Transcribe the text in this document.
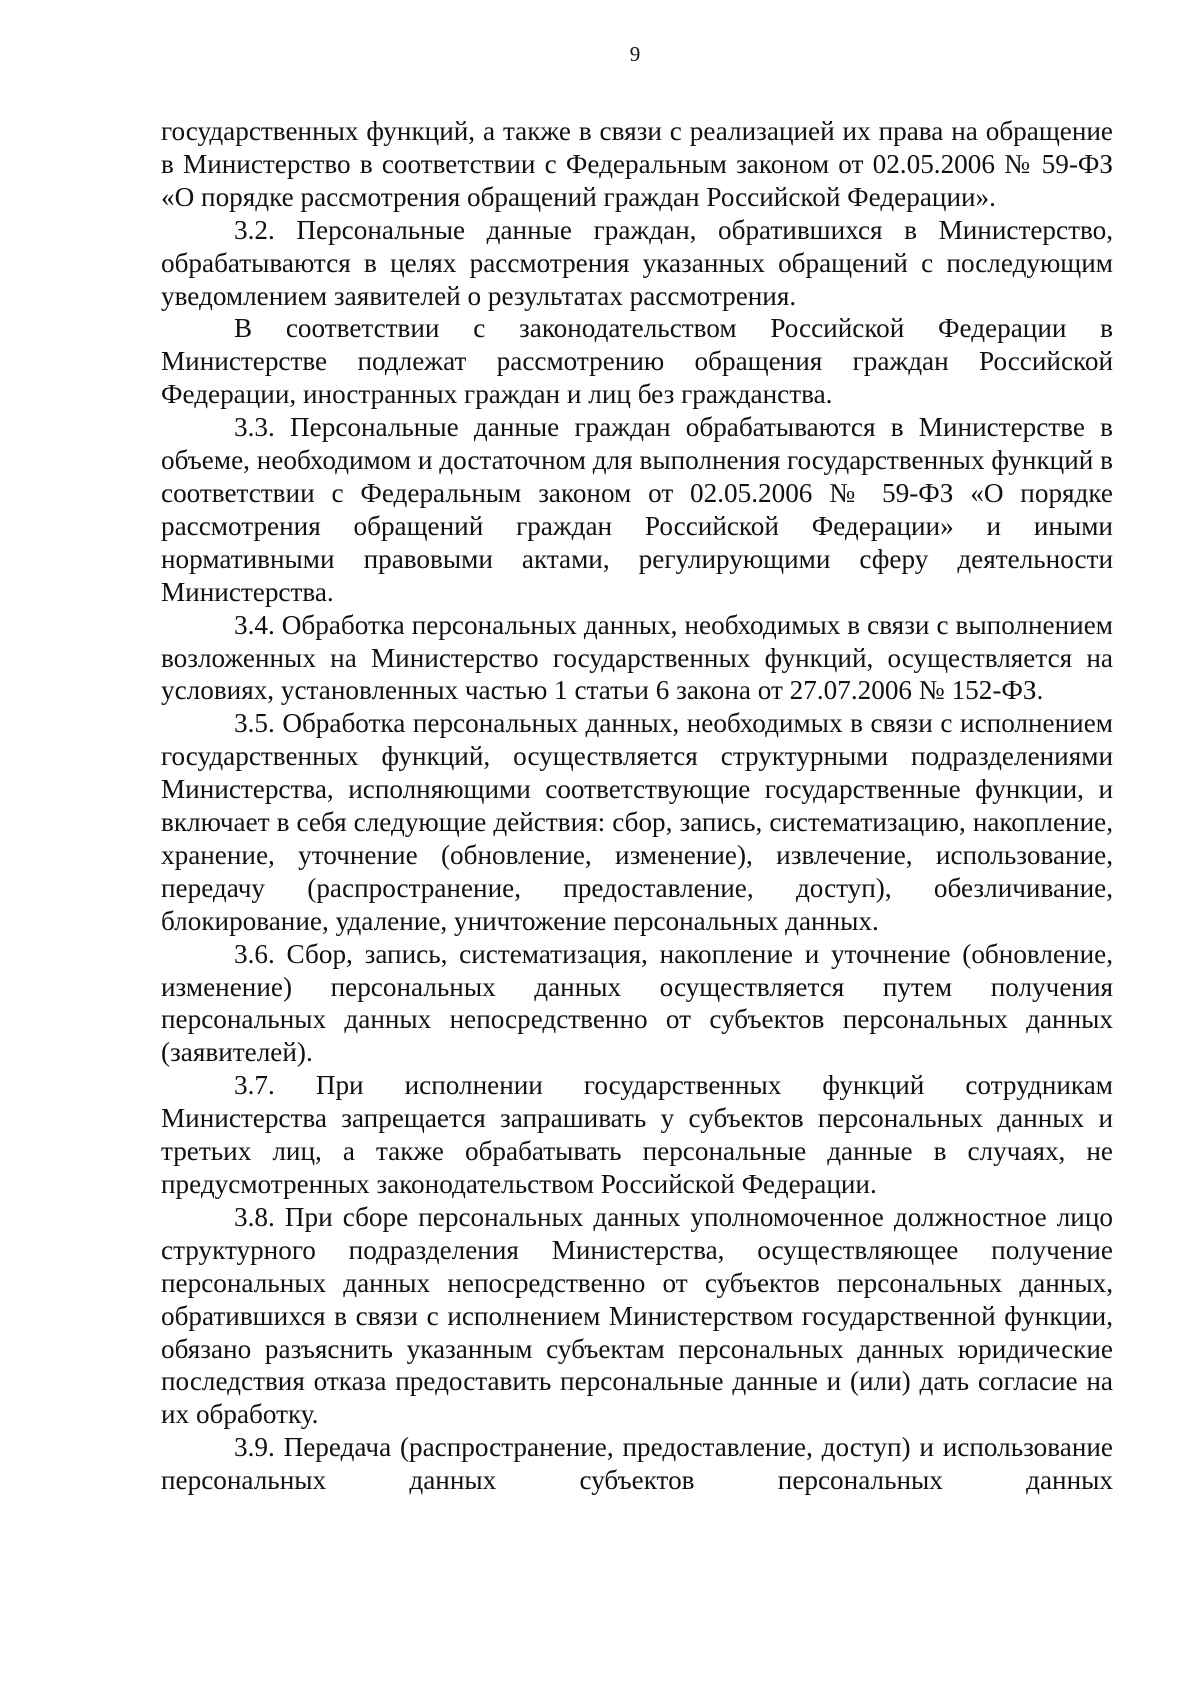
9

государственных функций, а также в связи с реализацией их права на обращение в Министерство в соответствии с Федеральным законом от 02.05.2006 № 59-ФЗ «О порядке рассмотрения обращений граждан Российской Федерации».

3.2. Персональные данные граждан, обратившихся в Министерство, обрабатываются в целях рассмотрения указанных обращений с последующим уведомлением заявителей о результатах рассмотрения.

В соответствии с законодательством Российской Федерации в Министерстве подлежат рассмотрению обращения граждан Российской Федерации, иностранных граждан и лиц без гражданства.

3.3. Персональные данные граждан обрабатываются в Министерстве в объеме, необходимом и достаточном для выполнения государственных функций в соответствии с Федеральным законом от 02.05.2006 № 59-ФЗ «О порядке рассмотрения обращений граждан Российской Федерации» и иными нормативными правовыми актами, регулирующими сферу деятельности Министерства.

3.4. Обработка персональных данных, необходимых в связи с выполнением возложенных на Министерство государственных функций, осуществляется на условиях, установленных частью 1 статьи 6 закона от 27.07.2006 № 152-ФЗ.

3.5. Обработка персональных данных, необходимых в связи с исполнением государственных функций, осуществляется структурными подразделениями Министерства, исполняющими соответствующие государственные функции, и включает в себя следующие действия: сбор, запись, систематизацию, накопление, хранение, уточнение (обновление, изменение), извлечение, использование, передачу (распространение, предоставление, доступ), обезличивание, блокирование, удаление, уничтожение персональных данных.

3.6. Сбор, запись, систематизация, накопление и уточнение (обновление, изменение) персональных данных осуществляется путем получения персональных данных непосредственно от субъектов персональных данных (заявителей).

3.7. При исполнении государственных функций сотрудникам Министерства запрещается запрашивать у субъектов персональных данных и третьих лиц, а также обрабатывать персональные данные в случаях, не предусмотренных законодательством Российской Федерации.

3.8. При сборе персональных данных уполномоченное должностное лицо структурного подразделения Министерства, осуществляющее получение персональных данных непосредственно от субъектов персональных данных, обратившихся в связи с исполнением Министерством государственной функции, обязано разъяснить указанным субъектам персональных данных юридические последствия отказа предоставить персональные данные и (или) дать согласие на их обработку.

3.9. Передача (распространение, предоставление, доступ) и использование персональных данных субъектов персональных данных
